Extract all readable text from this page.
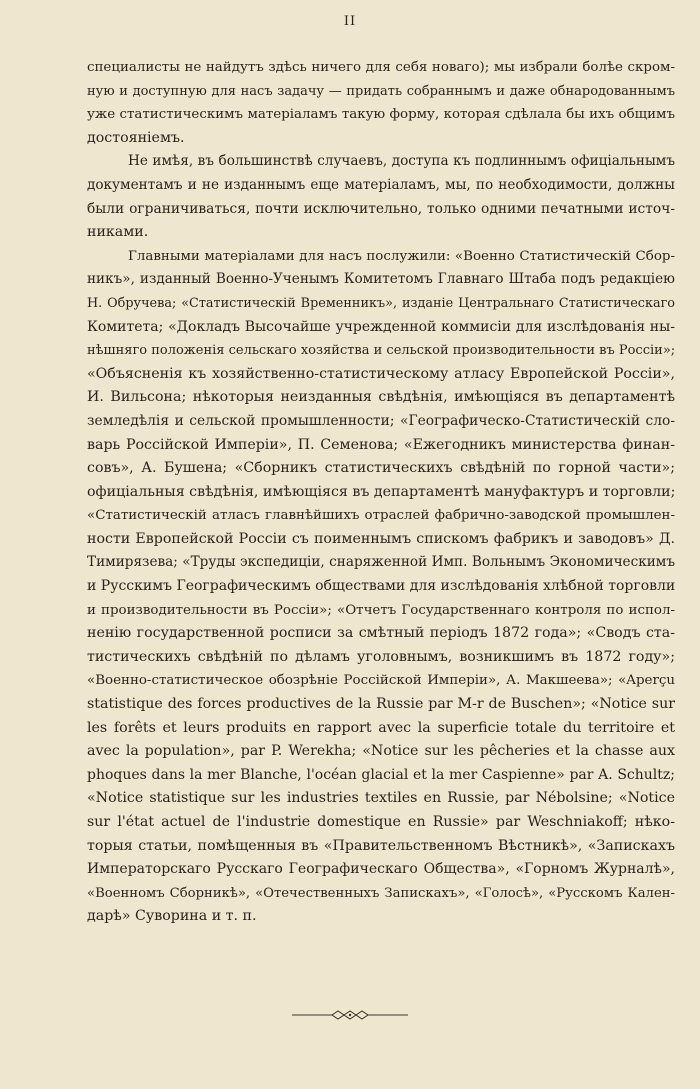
II
специалисты не найдутъ здѣсь ничего для себя новаго); мы избрали болѣе скром-
ную и доступную для насъ задачу — придать собраннымъ и даже обнародованнымъ
уже статистическимъ матеріаламъ такую форму, которая сдѣлала бы ихъ общимъ
достояніемъ.
Не имѣя, въ большинствѣ случаевъ, доступа къ подлиннымъ офиціальнымъ
документамъ и не изданнымъ еще матеріаламъ, мы, по необходимости, должны
были ограничиваться, почти исключительно, только одними печатными источ-
никами.
Главными матеріалами для насъ послужили: «Военно Статистическій Сбор-
никъ», изданный Военно-Ученымъ Комитетомъ Главнаго Штаба подъ редакціею
Н. Обручева; «Статистическій Временникъ», изданіе Центральнаго Статистическаго
Комитета; «Докладъ Высочайше учрежденной коммисіи для изслѣдованія ны-
нѣшняго положенія сельскаго хозяйства и сельской производительности въ Россіи»;
«Объясненія къ хозяйственно-статистическому атласу Европейской Россіи»,
И. Вильсона; нѣкоторыя неизданныя свѣдѣнія, имѣющіяся въ департаментѣ
земледѣлія и сельской промышленности; «Географическо-Статистическій сло-
варь Россійской Имперіи», П. Семенова; «Ежегодникъ министерства финан-
совъ», А. Бушена; «Сборникъ статистическихъ свѣдѣній по горной части»;
офиціальныя свѣдѣнія, имѣющіяся въ департаментѣ мануфактуръ и торговли;
«Статистическій атласъ главнѣйшихъ отраслей фабрично-заводской промышлен-
ности Европейской Россіи съ поименнымъ спискомъ фабрикъ и заводовъ» Д.
Тимирязева; «Труды экспедиціи, снаряженной Имп. Вольнымъ Экономическимъ
и Русскимъ Географическимъ обществами для изслѣдованія хлѣбной торговли
и производительности въ Россіи»; «Отчетъ Государственнаго контроля по испол-
ненію государственной росписи за смѣтный періодъ 1872 года»; «Сводъ ста-
тистическихъ свѣдѣній по дѣламъ уголовнымъ, возникшимъ въ 1872 году»;
«Военно-статистическое обозрѣніе Россійской Имперіи», А. Макшеева»; «Aperçu
statistique des forces productives de la Russie par M-r de Buschen»; «Notice sur
les forêts et leurs produits en rapport avec la superficie totale du territoire et
avec la population», par P. Werekha; «Notice sur les pêcheries et la chasse aux
phoques dans la mer Blanche, l'océan glacial et la mer Caspienne» par A. Schultz;
«Notice statistique sur les industries textiles en Russie, par Nébolsine; «Notice
sur l'état actuel de l'industrie domestique en Russie» par Weschniakoff; нѣко-
торыя статьи, помѣщенныя въ «Правительственномъ Вѣстникѣ», «Запискахъ
Императорскаго Русскаго Географическаго Общества», «Горномъ Журналѣ»,
«Военномъ Сборникѣ», «Отечественныхъ Запискахъ», «Голосѣ», «Русскомъ Кален-
дарѣ» Суворина и т. п.
